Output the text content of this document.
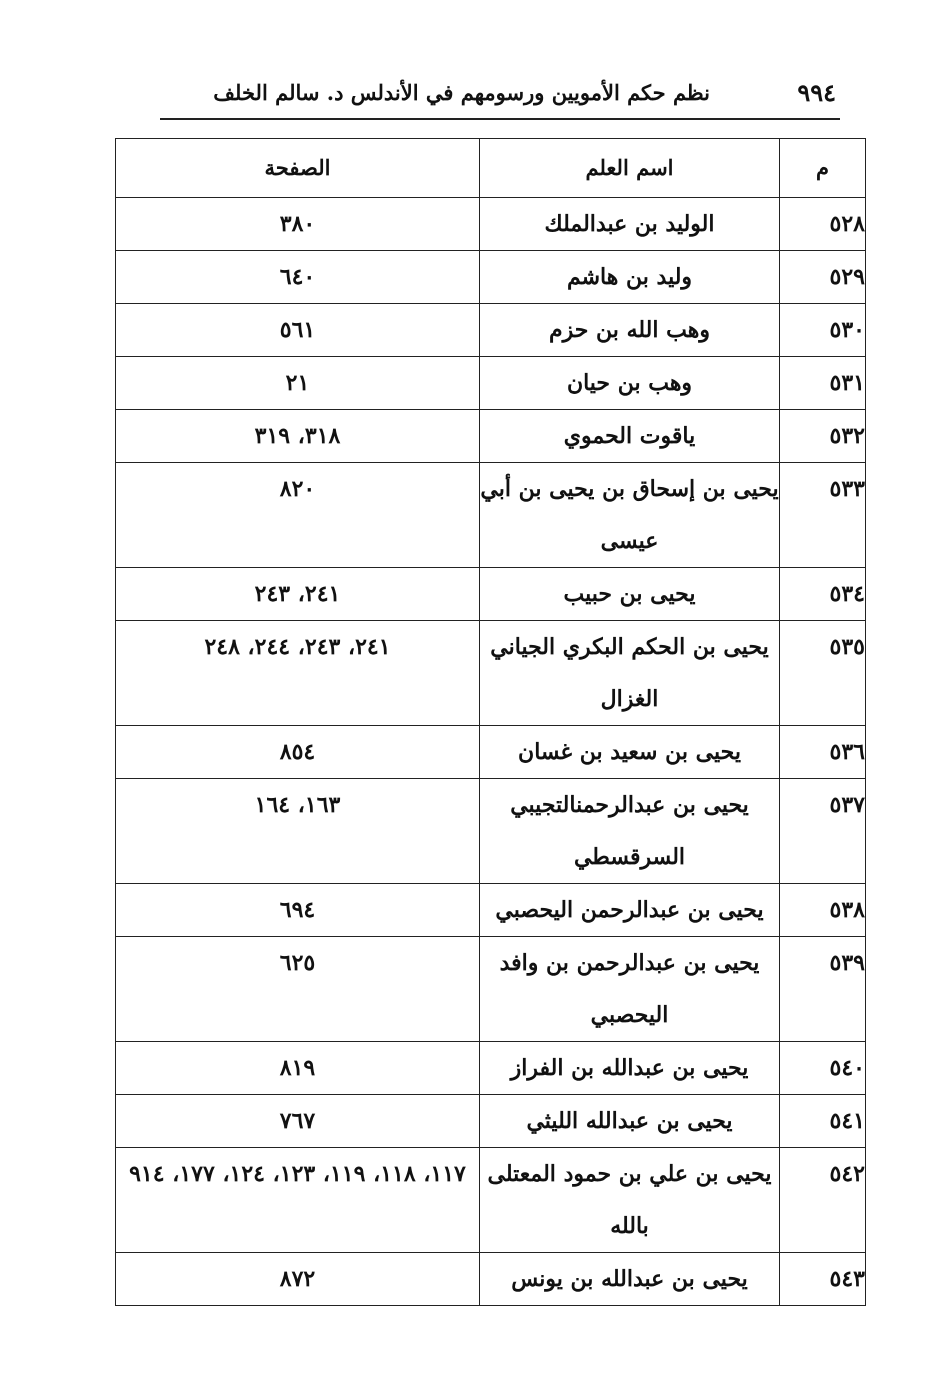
٩٩٤
نظم حكم الأمويين ورسومهم في الأندلس د. سالم الخلف
م	اسم العلم	الصفحة
٥٢٨	الوليد بن عبدالملك	٣٨٠
٥٢٩	وليد بن هاشم	٦٤٠
٥٣٠	وهب الله بن حزم	٥٦١
٥٣١	وهب بن حيان	٢١
٥٣٢	ياقوت الحموي	٣١٨، ٣١٩
٥٣٣	يحيى بن إسحاق بن يحيى بن أبي عيسى	٨٢٠
٥٣٤	يحيى بن حبيب	٢٤١، ٢٤٣
٥٣٥	يحيى بن الحكم البكري الجياني الغزال	٢٤١، ٢٤٣، ٢٤٤، ٢٤٨
٥٣٦	يحيى بن سعيد بن غسان	٨٥٤
٥٣٧	يحيى بن عبدالرحمنالتجيبي السرقسطي	١٦٣، ١٦٤
٥٣٨	يحيى بن عبدالرحمن اليحصبي	٦٩٤
٥٣٩	يحيى بن عبدالرحمن بن وافد اليحصبي	٦٢٥
٥٤٠	يحيى بن عبدالله بن الفراز	٨١٩
٥٤١	يحيى بن عبدالله الليثي	٧٦٧
٥٤٢	يحيى بن علي بن حمود المعتلى بالله	١١٧، ١١٨، ١١٩، ١٢٣، ١٢٤، ١٧٧، ٩١٤
٥٤٣	يحيى بن عبدالله بن يونس	٨٧٢
